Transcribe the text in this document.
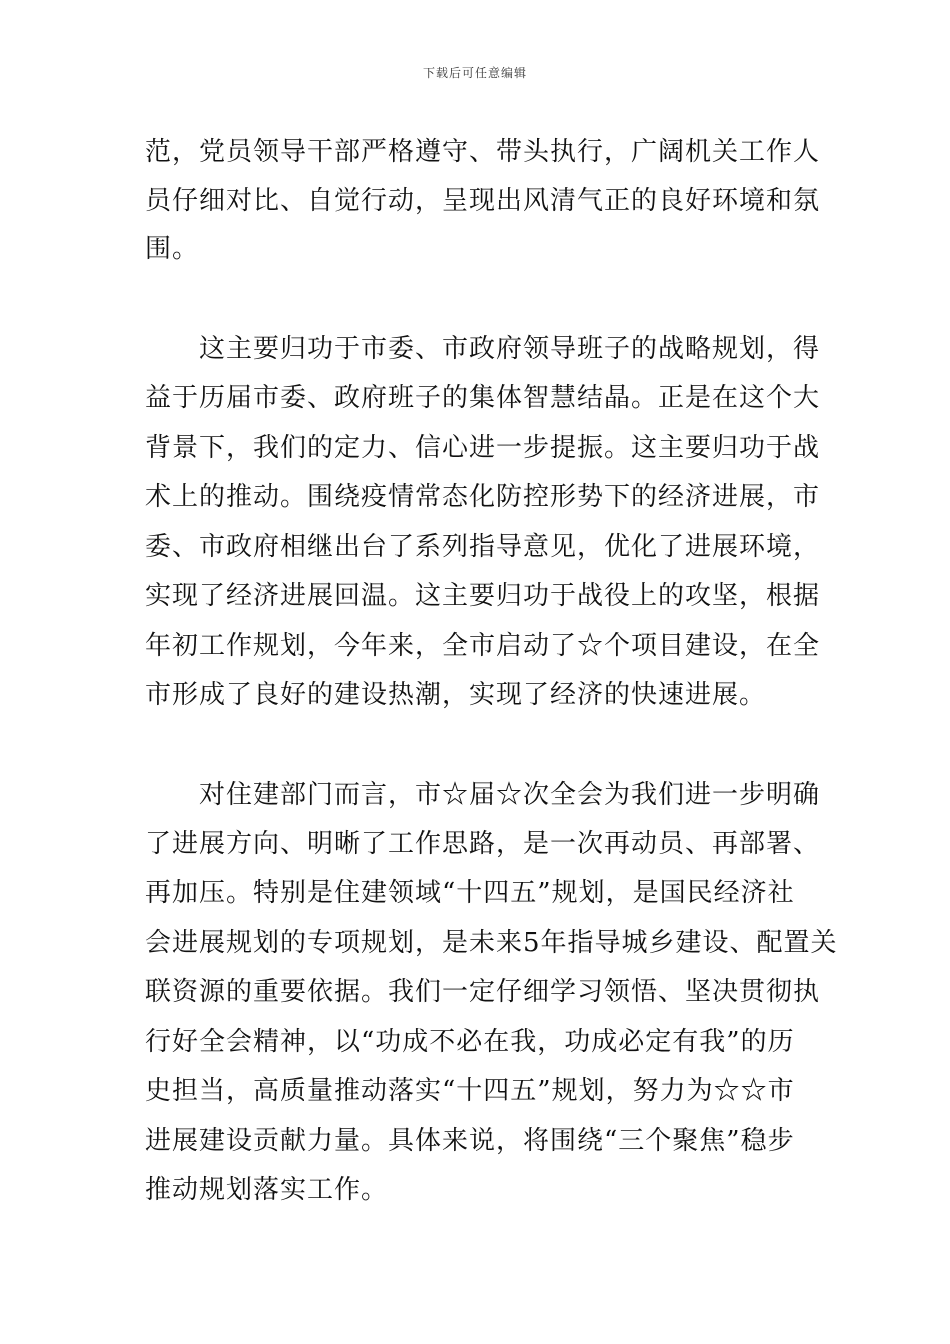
下载后可任意编辑
范，党员领导干部严格遵守、带头执行，广阔机关工作人
员仔细对比、自觉行动，呈现出风清气正的良好环境和氛
围。
　　这主要归功于市委、市政府领导班子的战略规划，得
益于历届市委、政府班子的集体智慧结晶。正是在这个大
背景下，我们的定力、信心进一步提振。这主要归功于战
术上的推动。围绕疫情常态化防控形势下的经济进展，市
委、市政府相继出台了系列指导意见，优化了进展环境，
实现了经济进展回温。这主要归功于战役上的攻坚，根据
年初工作规划，今年来，全市启动了☆个项目建设，在全
市形成了良好的建设热潮，实现了经济的快速进展。
　　对住建部门而言，市☆届☆次全会为我们进一步明确
了进展方向、明晰了工作思路，是一次再动员、再部署、
再加压。特别是住建领域“十四五”规划，是国民经济社
会进展规划的专项规划，是未来5年指导城乡建设、配置关
联资源的重要依据。我们一定仔细学习领悟、坚决贯彻执
行好全会精神，以“功成不必在我，功成必定有我”的历
史担当，高质量推动落实“十四五”规划，努力为☆☆市
进展建设贡献力量。具体来说，将围绕“三个聚焦”稳步
推动规划落实工作。
